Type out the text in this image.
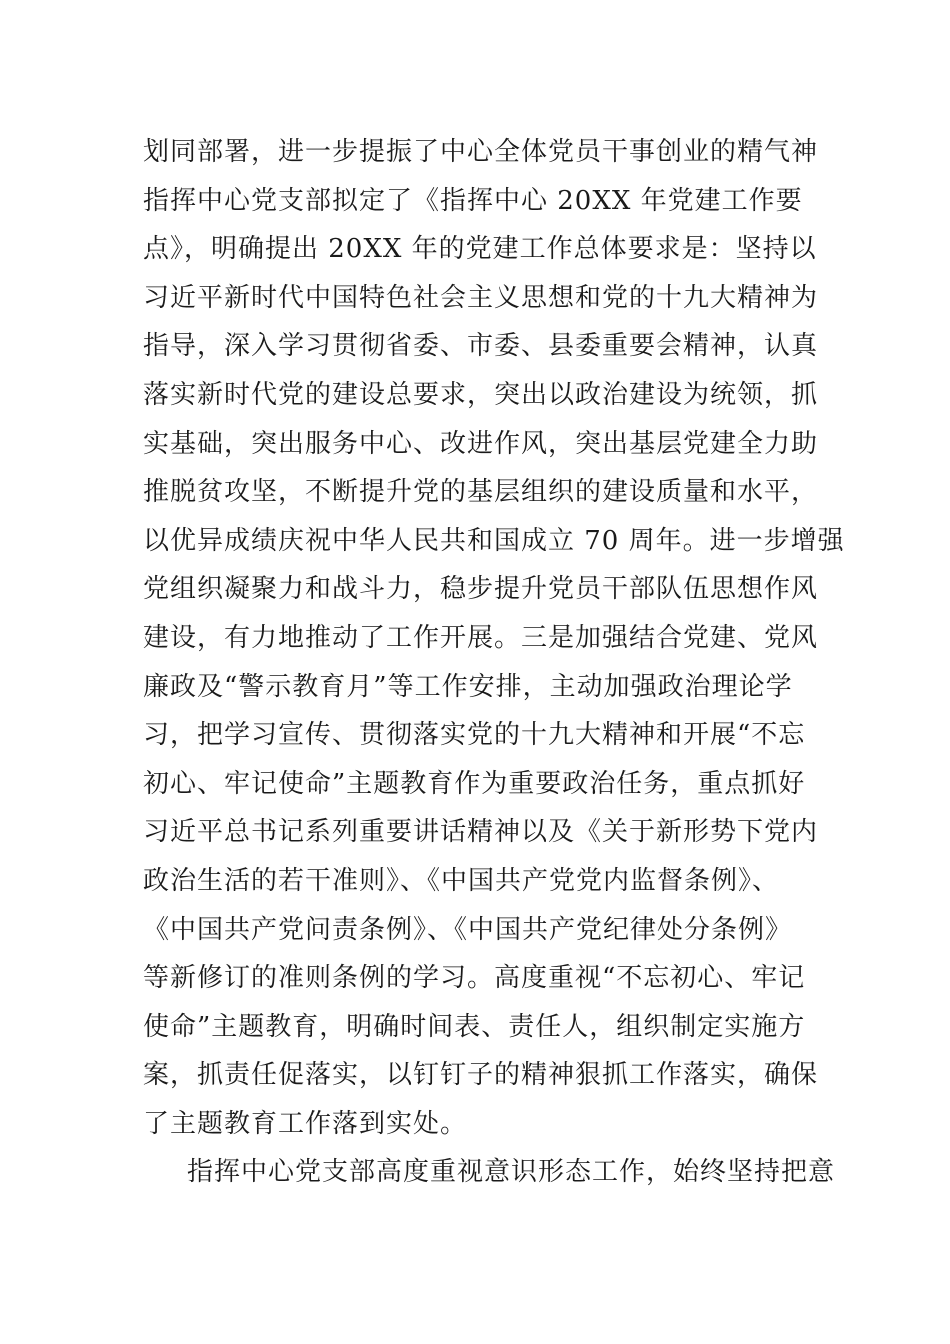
划同部署，进一步提振了中心全体党员干事创业的精气神
指挥中心党支部拟定了《指挥中心 20XX 年党建工作要
点》，明确提出 20XX 年的党建工作总体要求是：坚持以
习近平新时代中国特色社会主义思想和党的十九大精神为
指导，深入学习贯彻省委、市委、县委重要会精神，认真
落实新时代党的建设总要求，突出以政治建设为统领，抓
实基础，突出服务中心、改进作风，突出基层党建全力助
推脱贫攻坚，不断提升党的基层组织的建设质量和水平，
以优异成绩庆祝中华人民共和国成立 70 周年。进一步增强
党组织凝聚力和战斗力，稳步提升党员干部队伍思想作风
建设，有力地推动了工作开展。三是加强结合党建、党风
廉政及“警示教育月”等工作安排，主动加强政治理论学
习，把学习宣传、贯彻落实党的十九大精神和开展“不忘
初心、牢记使命”主题教育作为重要政治任务，重点抓好
习近平总书记系列重要讲话精神以及《关于新形势下党内
政治生活的若干准则》、《中国共产党党内监督条例》、
《中国共产党问责条例》、《中国共产党纪律处分条例》
等新修订的准则条例的学习。高度重视“不忘初心、牢记
使命”主题教育，明确时间表、责任人，组织制定实施方
案，抓责任促落实，以钉钉子的精神狠抓工作落实，确保
了主题教育工作落到实处。
指挥中心党支部高度重视意识形态工作，始终坚持把意
